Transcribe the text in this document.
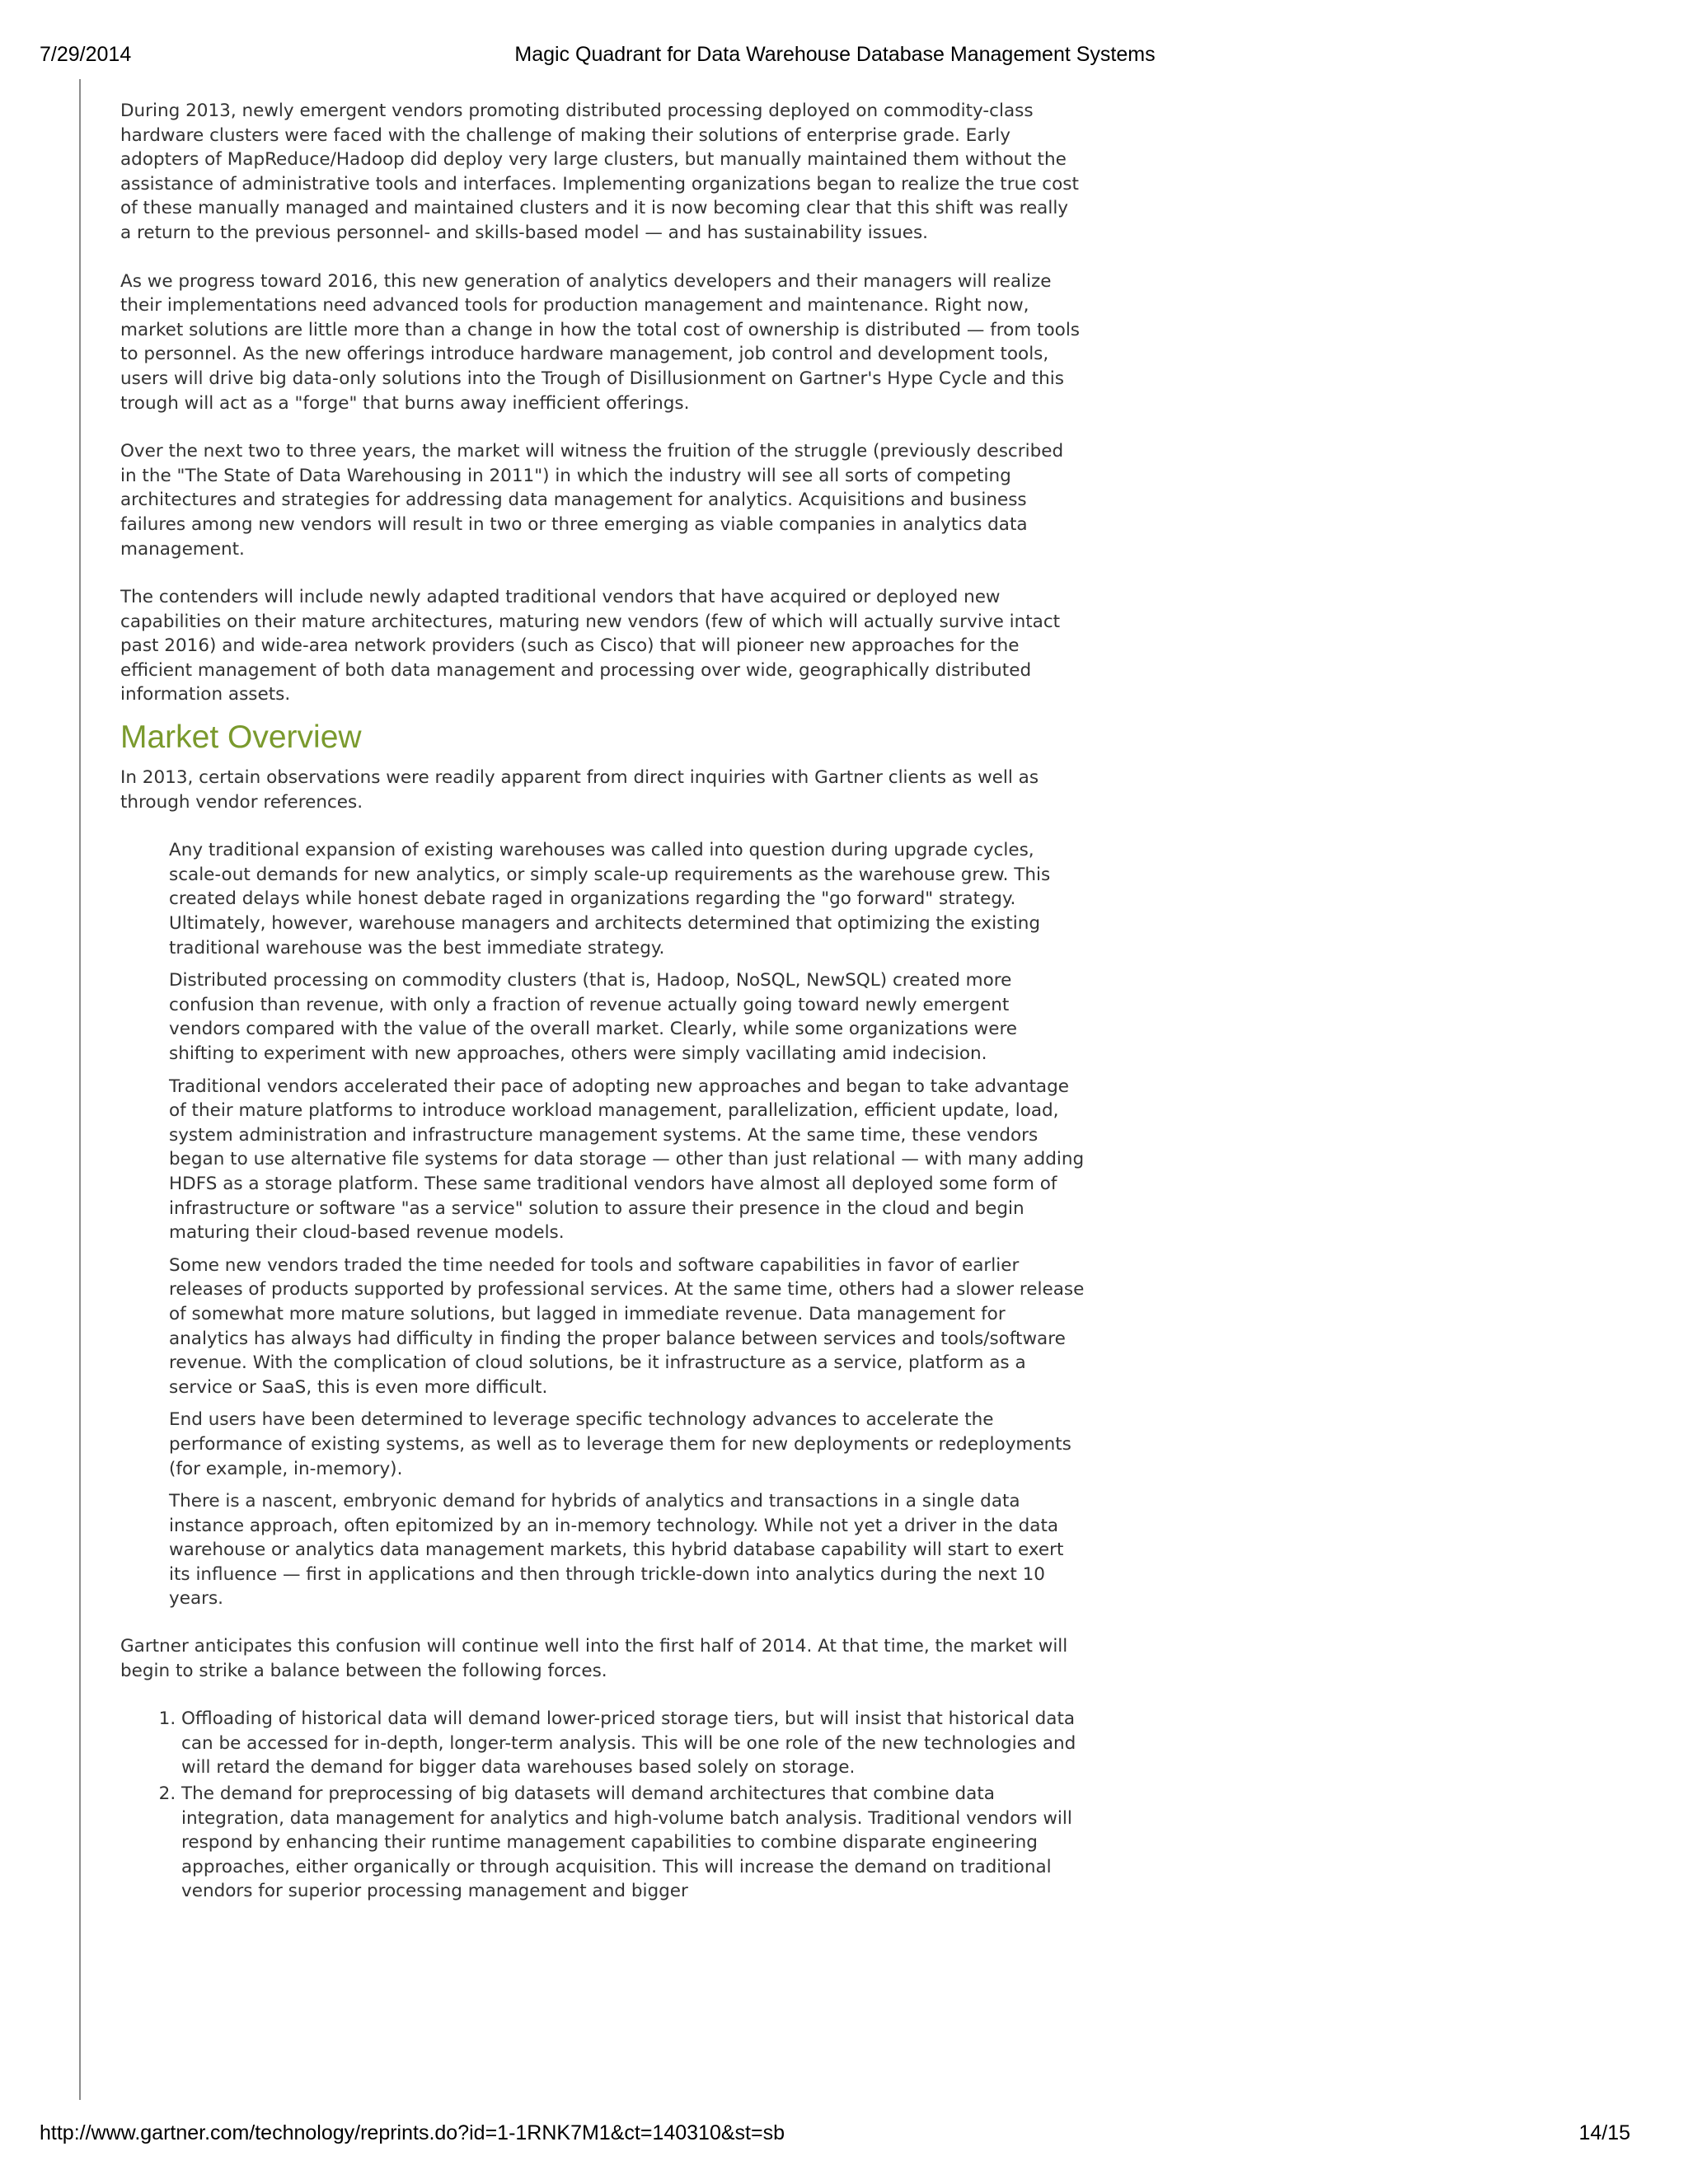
7/29/2014	Magic Quadrant for Data Warehouse Database Management Systems

During 2013, newly emergent vendors promoting distributed processing deployed on commodity-class hardware clusters were faced with the challenge of making their solutions of enterprise grade. Early adopters of MapReduce/Hadoop did deploy very large clusters, but manually maintained them without the assistance of administrative tools and interfaces. Implementing organizations began to realize the true cost of these manually managed and maintained clusters and it is now becoming clear that this shift was really a return to the previous personnel- and skills-based model — and has sustainability issues.

As we progress toward 2016, this new generation of analytics developers and their managers will realize their implementations need advanced tools for production management and maintenance. Right now, market solutions are little more than a change in how the total cost of ownership is distributed — from tools to personnel. As the new offerings introduce hardware management, job control and development tools, users will drive big data-only solutions into the Trough of Disillusionment on Gartner's Hype Cycle and this trough will act as a "forge" that burns away inefficient offerings.

Over the next two to three years, the market will witness the fruition of the struggle (previously described in the "The State of Data Warehousing in 2011") in which the industry will see all sorts of competing architectures and strategies for addressing data management for analytics. Acquisitions and business failures among new vendors will result in two or three emerging as viable companies in analytics data management.

The contenders will include newly adapted traditional vendors that have acquired or deployed new capabilities on their mature architectures, maturing new vendors (few of which will actually survive intact past 2016) and wide-area network providers (such as Cisco) that will pioneer new approaches for the efficient management of both data management and processing over wide, geographically distributed information assets.

Market Overview

In 2013, certain observations were readily apparent from direct inquiries with Gartner clients as well as through vendor references.

Any traditional expansion of existing warehouses was called into question during upgrade cycles, scale-out demands for new analytics, or simply scale-up requirements as the warehouse grew. This created delays while honest debate raged in organizations regarding the "go forward" strategy. Ultimately, however, warehouse managers and architects determined that optimizing the existing traditional warehouse was the best immediate strategy.
Distributed processing on commodity clusters (that is, Hadoop, NoSQL, NewSQL) created more confusion than revenue, with only a fraction of revenue actually going toward newly emergent vendors compared with the value of the overall market. Clearly, while some organizations were shifting to experiment with new approaches, others were simply vacillating amid indecision.
Traditional vendors accelerated their pace of adopting new approaches and began to take advantage of their mature platforms to introduce workload management, parallelization, efficient update, load, system administration and infrastructure management systems. At the same time, these vendors began to use alternative file systems for data storage — other than just relational — with many adding HDFS as a storage platform. These same traditional vendors have almost all deployed some form of infrastructure or software "as a service" solution to assure their presence in the cloud and begin maturing their cloud-based revenue models.
Some new vendors traded the time needed for tools and software capabilities in favor of earlier releases of products supported by professional services. At the same time, others had a slower release of somewhat more mature solutions, but lagged in immediate revenue. Data management for analytics has always had difficulty in finding the proper balance between services and tools/software revenue. With the complication of cloud solutions, be it infrastructure as a service, platform as a service or SaaS, this is even more difficult.
End users have been determined to leverage specific technology advances to accelerate the performance of existing systems, as well as to leverage them for new deployments or redeployments (for example, in-memory).
There is a nascent, embryonic demand for hybrids of analytics and transactions in a single data instance approach, often epitomized by an in-memory technology. While not yet a driver in the data warehouse or analytics data management markets, this hybrid database capability will start to exert its influence — first in applications and then through trickle-down into analytics during the next 10 years.

Gartner anticipates this confusion will continue well into the first half of 2014. At that time, the market will begin to strike a balance between the following forces.

1. Offloading of historical data will demand lower-priced storage tiers, but will insist that historical data can be accessed for in-depth, longer-term analysis. This will be one role of the new technologies and will retard the demand for bigger data warehouses based solely on storage.
2. The demand for preprocessing of big datasets will demand architectures that combine data integration, data management for analytics and high-volume batch analysis. Traditional vendors will respond by enhancing their runtime management capabilities to combine disparate engineering approaches, either organically or through acquisition. This will increase the demand on traditional vendors for superior processing management and bigger
http://www.gartner.com/technology/reprints.do?id=1-1RNK7M1&ct=140310&st=sb	14/15
